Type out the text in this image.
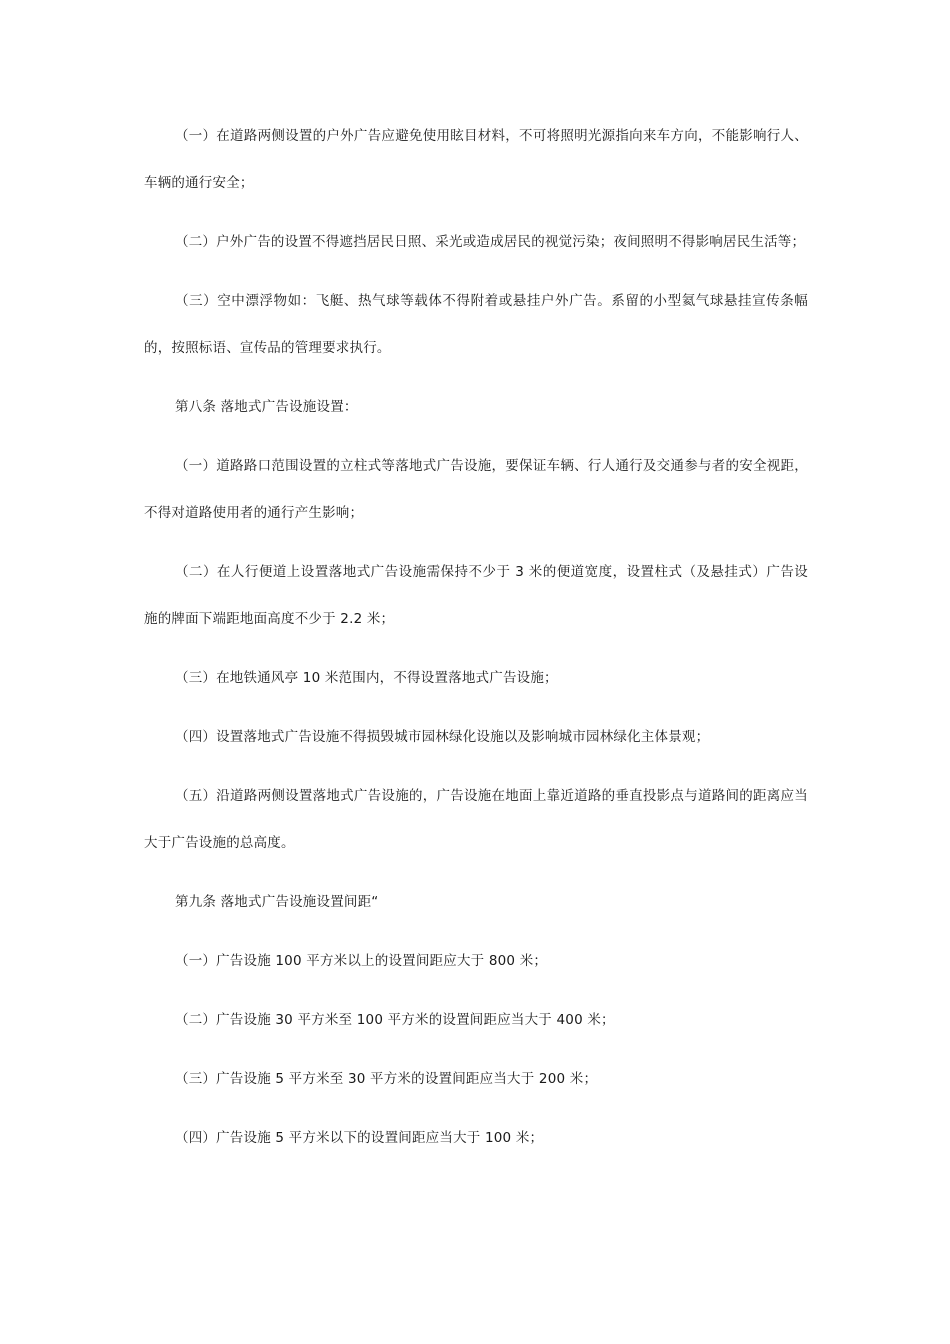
（一）在道路两侧设置的户外广告应避免使用眩目材料，不可将照明光源指向来车方向，不能影响行人、车辆的通行安全；

（二）户外广告的设置不得遮挡居民日照、采光或造成居民的视觉污染；夜间照明不得影响居民生活等；

（三）空中漂浮物如：飞艇、热气球等载体不得附着或悬挂户外广告。系留的小型氦气球悬挂宣传条幅的，按照标语、宣传品的管理要求执行。

第八条 落地式广告设施设置：

（一）道路路口范围设置的立柱式等落地式广告设施，要保证车辆、行人通行及交通参与者的安全视距，不得对道路使用者的通行产生影响；

（二）在人行便道上设置落地式广告设施需保持不少于 3 米的便道宽度，设置柱式（及悬挂式）广告设施的牌面下端距地面高度不少于 2.2 米；

（三）在地铁通风亭 10 米范围内，不得设置落地式广告设施；

（四）设置落地式广告设施不得损毁城市园林绿化设施以及影响城市园林绿化主体景观；

（五）沿道路两侧设置落地式广告设施的，广告设施在地面上靠近道路的垂直投影点与道路间的距离应当大于广告设施的总高度。

第九条 落地式广告设施设置间距“

（一）广告设施 100 平方米以上的设置间距应大于 800 米；

（二）广告设施 30 平方米至 100 平方米的设置间距应当大于 400 米；

（三）广告设施 5 平方米至 30 平方米的设置间距应当大于 200 米；

（四）广告设施 5 平方米以下的设置间距应当大于 100 米；
